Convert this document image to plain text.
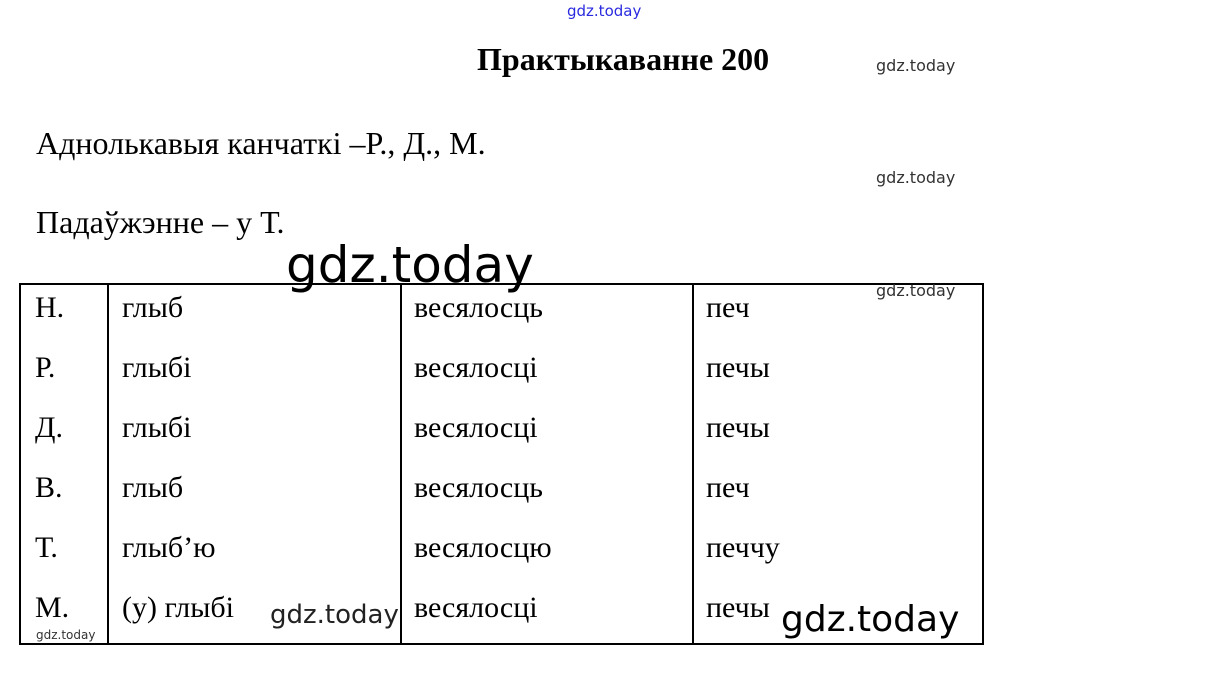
gdz.today
Практыкаванне 200	gdz.today
Аднолькавыя канчаткі –Р., Д., М.
gdz.today
Падаўжэнне – у Т.
Н. глыб	весялосць	печ
Р. глыбі	весялосці	печы
Д. глыбі	весялосці	печы
В. глыб	весялосць	печ
Т. глыб’ю	весялосцю	печчу
М. (у) глыбі	весялосці	печы
gdz.today	gdz.today
gdz.today
gdz.today	gdz.today
